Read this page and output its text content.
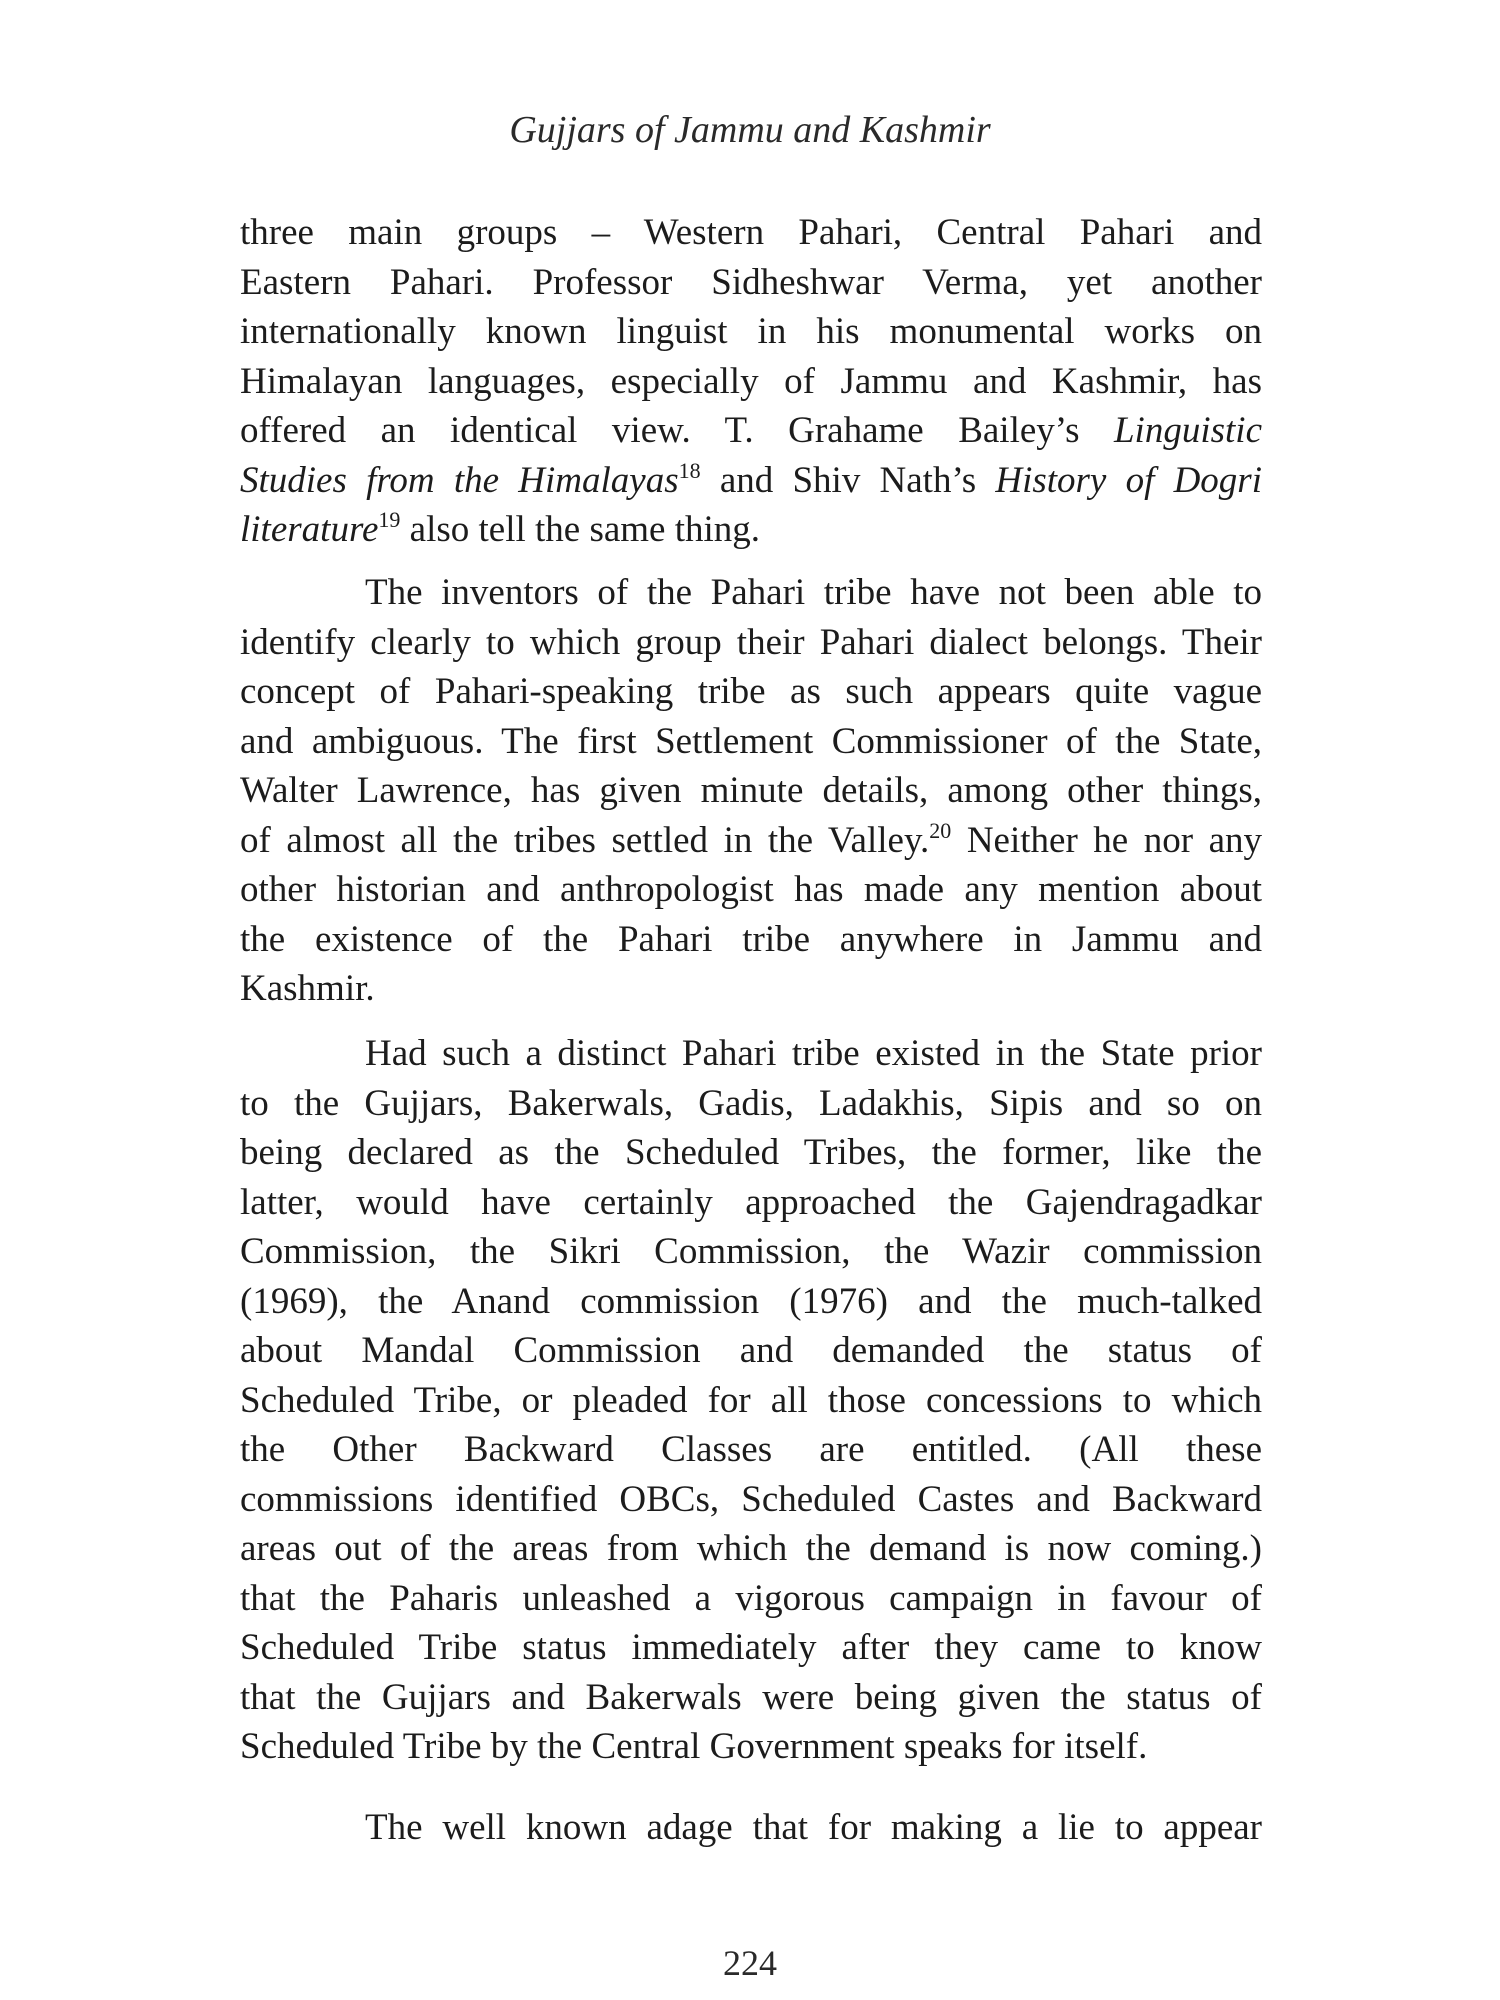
Gujjars of Jammu and Kashmir
three main groups – Western Pahari, Central Pahari and
Eastern Pahari. Professor Sidheshwar Verma, yet another
internationally known linguist in his monumental works on
Himalayan languages, especially of Jammu and Kashmir, has
offered an identical view. T. Grahame Bailey’s Linguistic
Studies from the Himalayas$^{18}$ and Shiv Nath’s History of Dogri
literature$^{19}$ also tell the same thing.
The inventors of the Pahari tribe have not been able to
identify clearly to which group their Pahari dialect belongs. Their
concept of Pahari-speaking tribe as such appears quite vague
and ambiguous. The first Settlement Commissioner of the State,
Walter Lawrence, has given minute details, among other things,
of almost all the tribes settled in the Valley.$^{20}$ Neither he nor any
other historian and anthropologist has made any mention about
the existence of the Pahari tribe anywhere in Jammu and
Kashmir.
Had such a distinct Pahari tribe existed in the State prior
to the Gujjars, Bakerwals, Gadis, Ladakhis, Sipis and so on
being declared as the Scheduled Tribes, the former, like the
latter, would have certainly approached the Gajendragadkar
Commission, the Sikri Commission, the Wazir commission
(1969), the Anand commission (1976) and the much-talked
about Mandal Commission and demanded the status of
Scheduled Tribe, or pleaded for all those concessions to which
the Other Backward Classes are entitled. (All these
commissions identified OBCs, Scheduled Castes and Backward
areas out of the areas from which the demand is now coming.)
that the Paharis unleashed a vigorous campaign in favour of
Scheduled Tribe status immediately after they came to know
that the Gujjars and Bakerwals were being given the status of
Scheduled Tribe by the Central Government speaks for itself.
The well known adage that for making a lie to appear
224
